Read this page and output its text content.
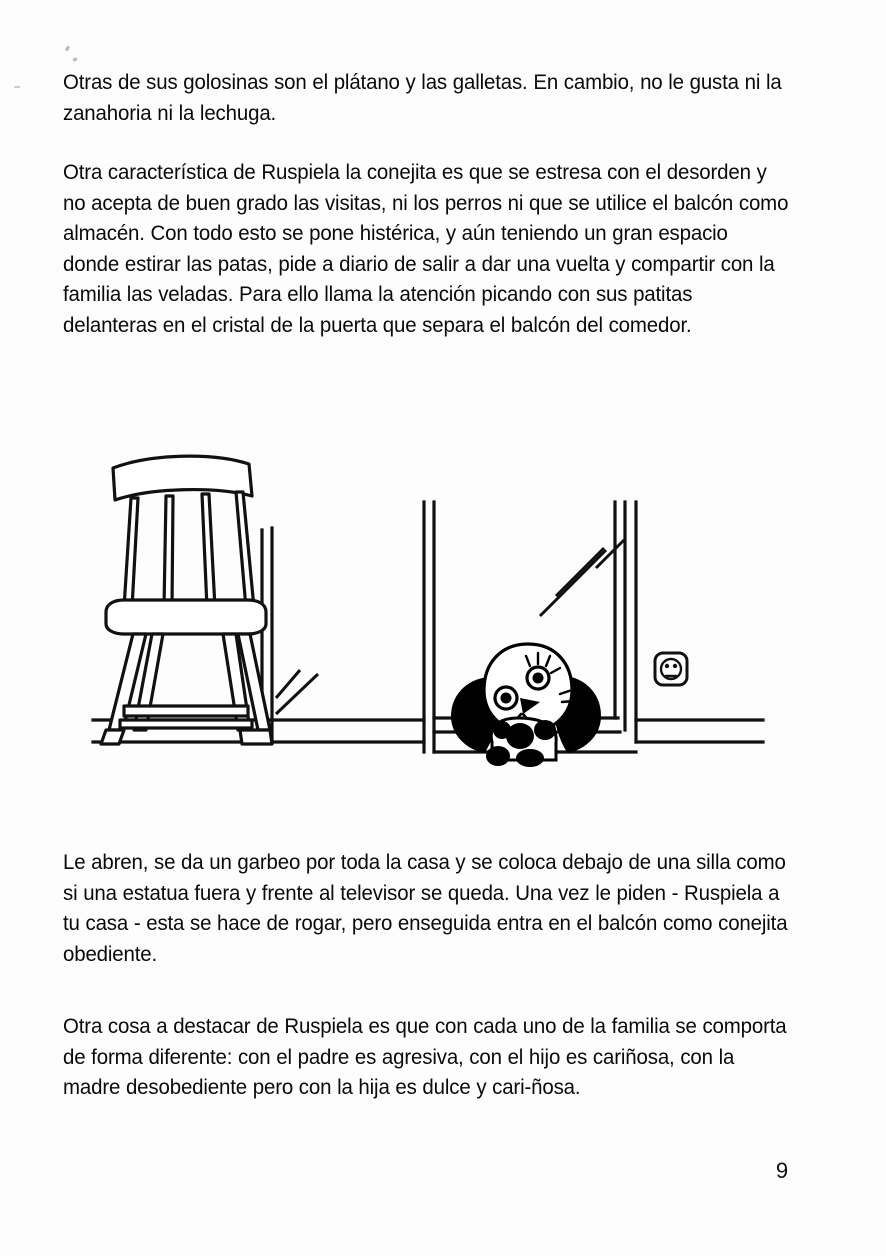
Otras de sus golosinas son el plátano y las galletas. En cambio, no le gusta ni la zanahoria ni la lechuga.
Otra característica de Ruspiela la conejita es que se estresa con el desorden y no acepta de buen grado las visitas, ni los perros ni que se utilice el balcón como almacén. Con todo esto se pone histérica, y aún teniendo un gran espacio donde estirar las patas, pide a diario de salir a dar una vuelta y compartir con la familia las veladas. Para ello llama la atención picando con sus patitas delanteras en el cristal de la puerta que separa el balcón del comedor.
Le abren, se da un garbeo por toda la casa y se coloca debajo de una silla como si una estatua fuera y frente al televisor se queda. Una vez le piden - Ruspiela a tu casa - esta se hace de rogar, pero enseguida entra en el balcón como conejita obediente.
Otra cosa a destacar de Ruspiela es que con cada uno de la familia se comporta de forma diferente: con el padre es agresiva, con el hijo es cariñosa, con la madre desobediente pero con la hija es dulce y cari-ñosa.
9
